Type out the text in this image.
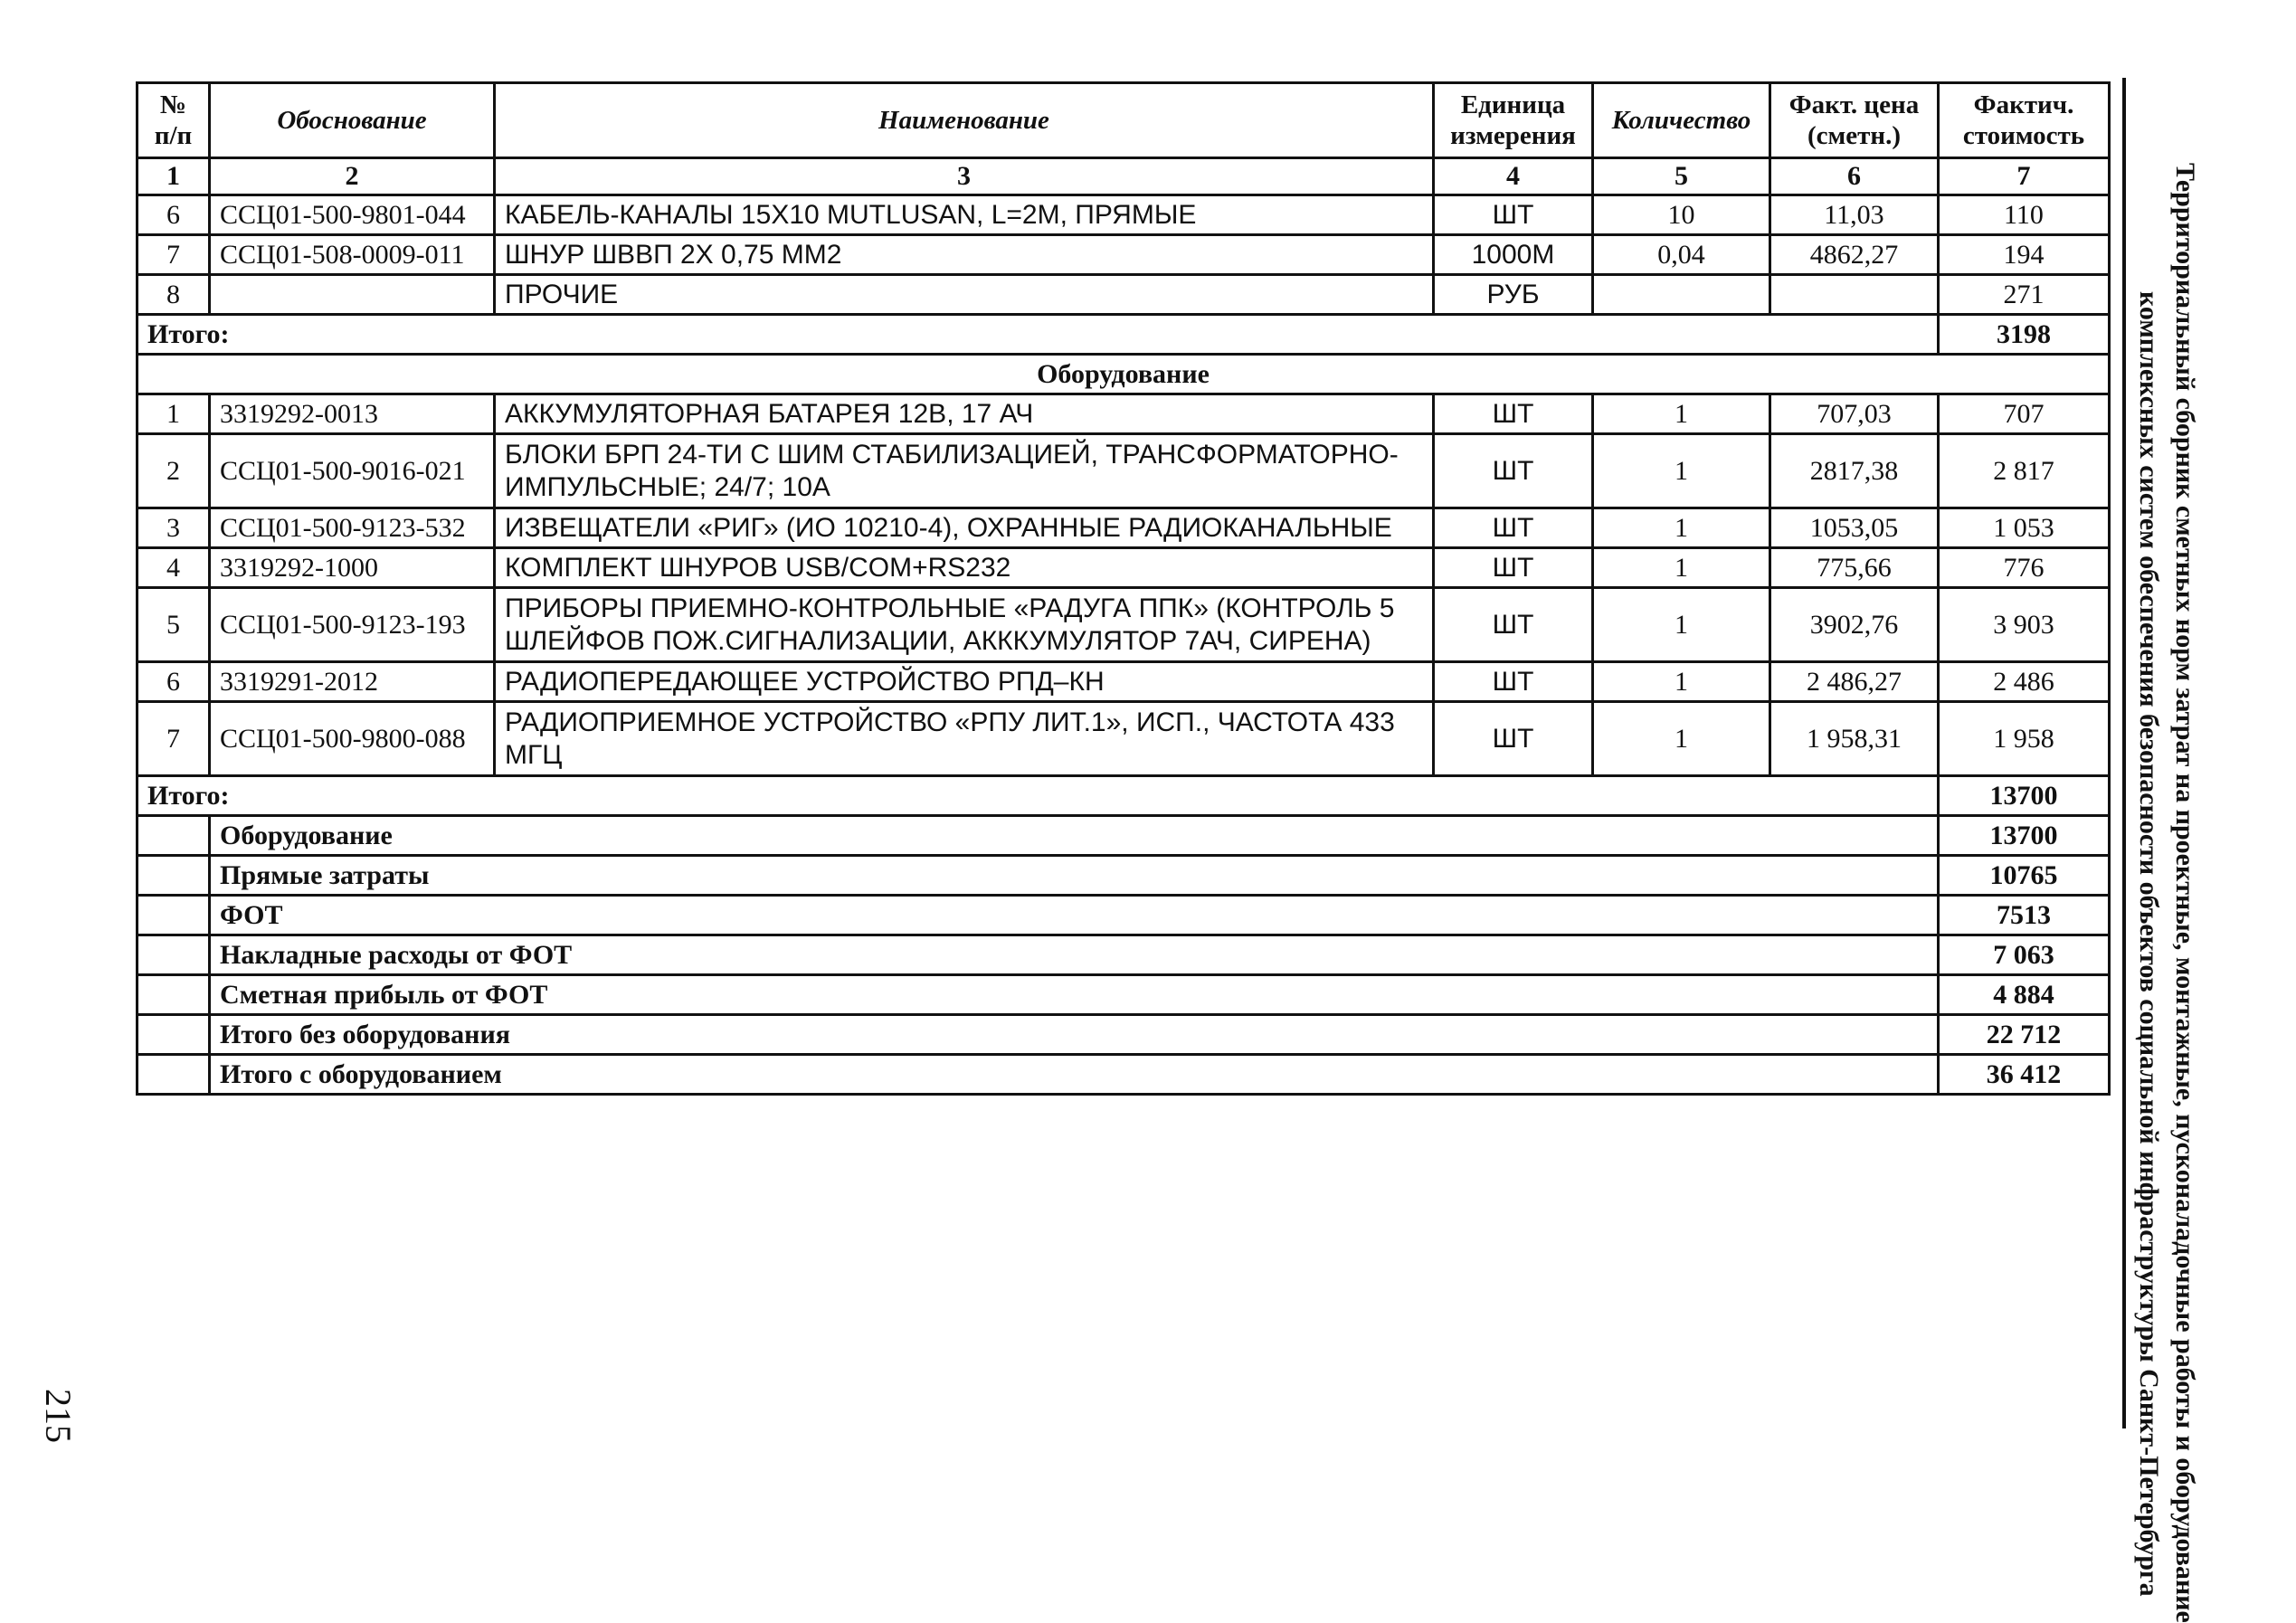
№ п/п	Обоснование	Наименование	Единица измерения	Количество	Факт. цена (сметн.)	Фактич. стоимость
1	2	3	4	5	6	7
6	ССЦ01-500-9801-044	КАБЕЛЬ-КАНАЛЫ 15Х10 MUTLUSAN, L=2М, ПРЯМЫЕ	ШТ	10	11,03	110
7	ССЦ01-508-0009-011	ШНУР ШВВП 2Х 0,75 ММ2	1000М	0,04	4862,27	194
8		ПРОЧИЕ	РУБ			271
Итого:						3198
Оборудование						
1	3319292-0013	АККУМУЛЯТОРНАЯ БАТАРЕЯ 12В, 17 АЧ	ШТ	1	707,03	707
2	ССЦ01-500-9016-021	БЛОКИ БРП 24-ТИ С ШИМ СТАБИЛИЗАЦИЕЙ, ТРАНСФОРМАТОРНО-ИМПУЛЬСНЫЕ; 24/7; 10А	ШТ	1	2817,38	2 817
3	ССЦ01-500-9123-532	ИЗВЕЩАТЕЛИ «РИГ» (ИО 10210-4), ОХРАННЫЕ РАДИОКАНАЛЬНЫЕ	ШТ	1	1053,05	1 053
4	3319292-1000	КОМПЛЕКТ ШНУРОВ USB/COM+RS232	ШТ	1	775,66	776
5	ССЦ01-500-9123-193	ПРИБОРЫ ПРИЕМНО-КОНТРОЛЬНЫЕ «РАДУГА ППК» (КОНТРОЛЬ 5 ШЛЕЙФОВ ПОЖ.СИГНАЛИЗАЦИИ, АКККУМУЛЯТОР 7АЧ, СИРЕНА)	ШТ	1	3902,76	3 903
6	3319291-2012	РАДИОПЕРЕДАЮЩЕЕ УСТРОЙСТВО РПД–КН	ШТ	1	2 486,27	2 486
7	ССЦ01-500-9800-088	РАДИОПРИЕМНОЕ УСТРОЙСТВО «РПУ ЛИТ.1», ИСП., ЧАСТОТА 433 МГЦ	ШТ	1	1 958,31	1 958
Итого:						13700
	Оборудование					13700
	Прямые затраты					10765
	ФОТ					7513
	Накладные расходы от ФОТ					7 063
	Сметная прибыль от ФОТ					4 884
	Итого без оборудования					22 712
	Итого с оборудованием					36 412	Территориальный сборник сметных норм затрат на проектные, монтажные, пусконаладочные работы и оборудование
комплексных систем обеспечения безопасности объектов социальной инфраструктуры Санкт-Петербурга
215
